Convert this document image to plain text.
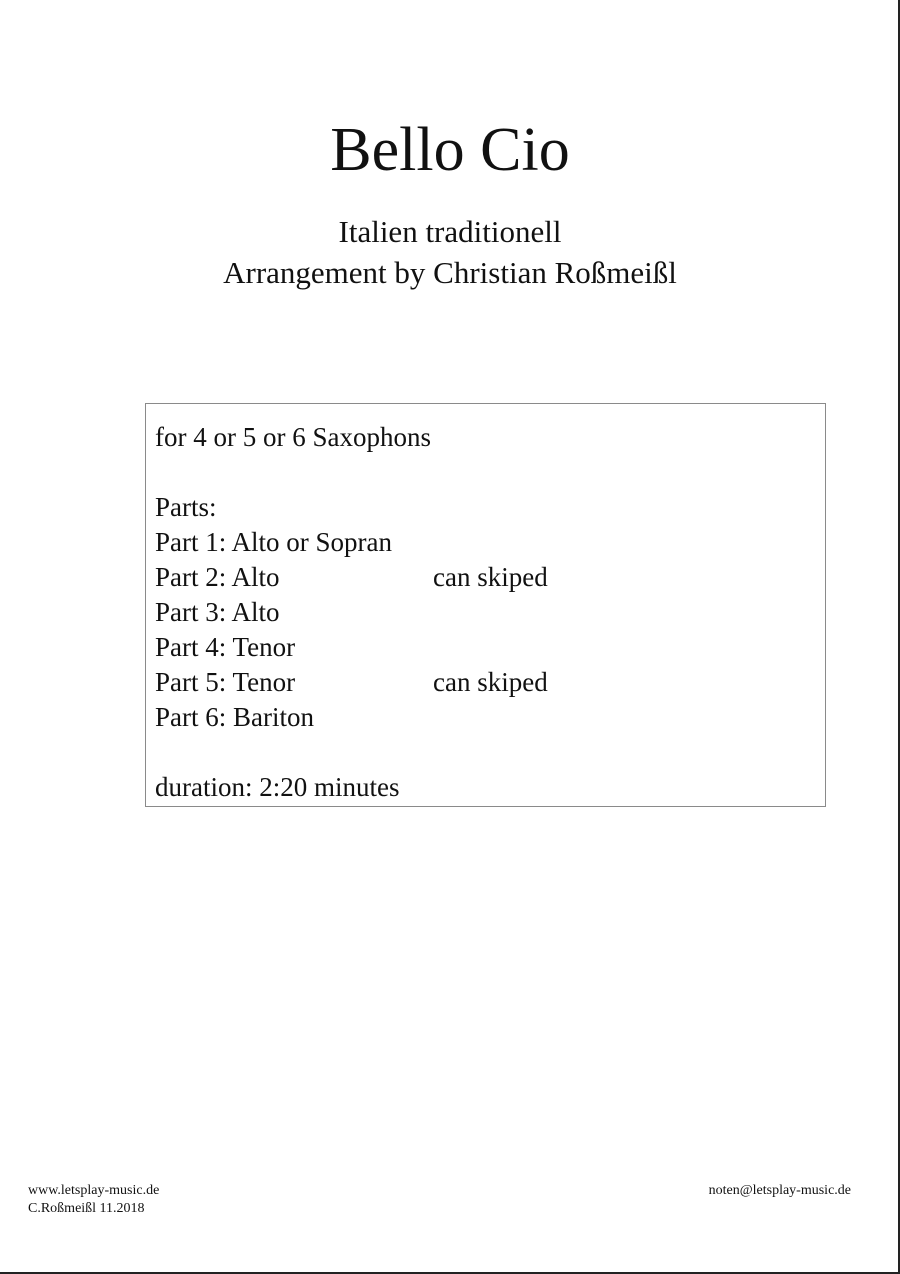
Bello Cio
Italien traditionell
Arrangement by Christian Roßmeißl
for 4 or 5 or 6 Saxophons
Parts:
Part 1: Alto or Sopran
Part 2: Alto	can skiped
Part 3: Alto
Part 4: Tenor
Part 5: Tenor	can skiped
Part 6: Bariton
duration: 2:20 minutes
www.letsplay-music.de
C.Roßmeißl 11.2018
noten@letsplay-music.de
